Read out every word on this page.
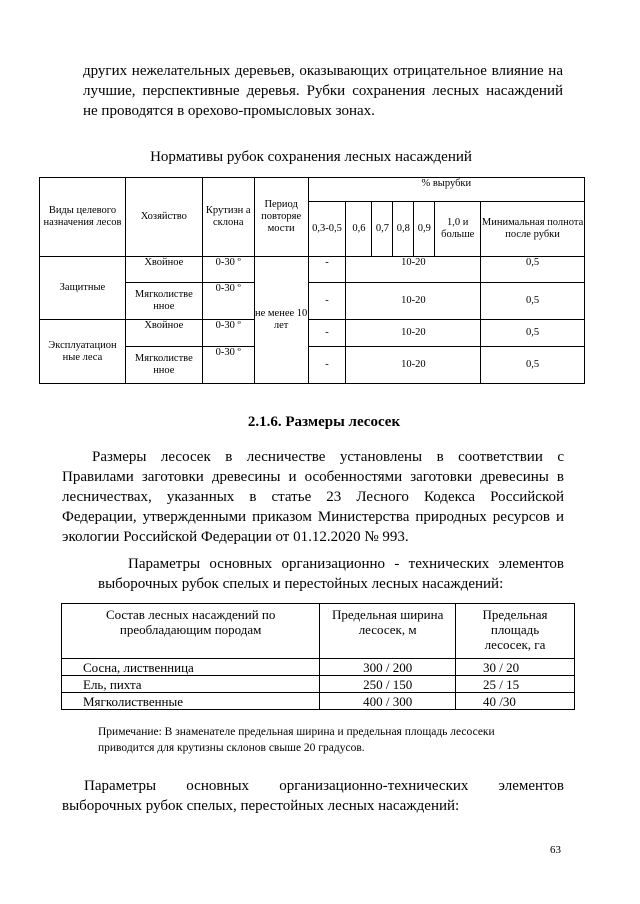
других нежелательных деревьев, оказывающих отрицательное влияние на
лучшие, перспективные деревья. Рубки сохранения лесных насаждений
не проводятся в орехово-промысловых зонах.
Нормативы рубок сохранения лесных насаждений
Виды целевого назначения лесов	Хозяйство	Крутизн а склона	Период повторяе мости	% вырубки						
				0,3-0,5	0,6	0,7	0,8	0,9	1,0 и больше	Минимальная полнота после рубки
Защитные	Хвойное	0-30 º	не менее 10 лет	-	10-20					0,5
	Мягколистве нное	0-30 º		-	10-20					0,5
Эксплуатацион ные леса	Хвойное	0-30 º		-	10-20					0,5
	Мягколистве нное	0-30 º		-	10-20					0,5
2.1.6. Размеры лесосек
Размеры лесосек в лесничестве установлены в соответствии с
Правилами заготовки древесины и особенностями заготовки древесины в
лесничествах, указанных в статье 23 Лесного Кодекса Российской
Федерации, утвержденными приказом Министерства природных ресурсов и
экологии Российской Федерации от 01.12.2020 № 993.
Параметры основных организационно - технических элементов
выборочных рубок спелых и перестойных лесных насаждений:
Состав лесных насаждений по преобладающим породам	Предельная ширина лесосек, м	Предельная площадь лесосек, га
Сосна, лиственница	300 / 200	30 / 20
Ель, пихта	250 / 150	25 / 15
Мягколиственные	400 / 300	40 /30
Примечание: В знаменателе предельная ширина и предельная площадь лесосеки
приводится для крутизны склонов свыше 20 градусов.
Параметры основных организационно-технических элементов
выборочных рубок спелых, перестойных лесных насаждений:
63
